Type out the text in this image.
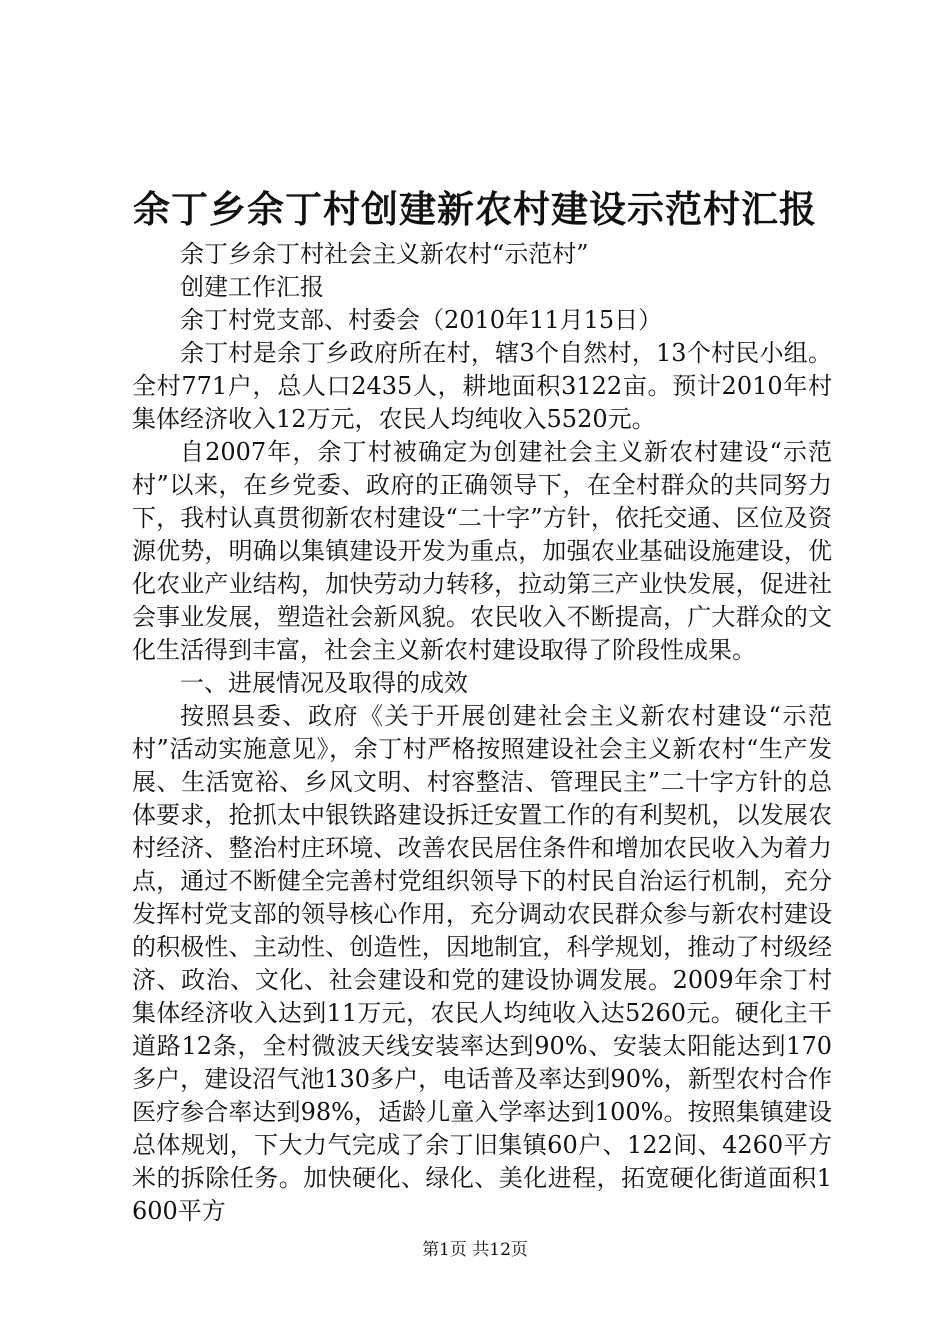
余丁乡余丁村创建新农村建设示范村汇报

余丁乡余丁村社会主义新农村“示范村”

创建工作汇报

余丁村党支部、村委会（2010年11月15日）

余丁村是余丁乡政府所在村，辖3个自然村，13个村民小组。全村771户，总人口2435人，耕地面积3122亩。预计2010年村集体经济收入12万元，农民人均纯收入5520元。

自2007年，余丁村被确定为创建社会主义新农村建设“示范村”以来，在乡党委、政府的正确领导下，在全村群众的共同努力下，我村认真贯彻新农村建设“二十字”方针，依托交通、区位及资源优势，明确以集镇建设开发为重点，加强农业基础设施建设，优化农业产业结构，加快劳动力转移，拉动第三产业快发展，促进社会事业发展，塑造社会新风貌。农民收入不断提高，广大群众的文化生活得到丰富，社会主义新农村建设取得了阶段性成果。

一、进展情况及取得的成效

按照县委、政府《关于开展创建社会主义新农村建设“示范村”活动实施意见》，余丁村严格按照建设社会主义新农村“生产发展、生活宽裕、乡风文明、村容整洁、管理民主”二十字方针的总体要求，抢抓太中银铁路建设拆迁安置工作的有利契机，以发展农村经济、整治村庄环境、改善农民居住条件和增加农民收入为着力点，通过不断健全完善村党组织领导下的村民自治运行机制，充分发挥村党支部的领导核心作用，充分调动农民群众参与新农村建设的积极性、主动性、创造性，因地制宜，科学规划，推动了村级经济、政治、文化、社会建设和党的建设协调发展。2009年余丁村集体经济收入达到11万元，农民人均纯收入达5260元。硬化主干道路12条，全村微波天线安装率达到90%、安装太阳能达到170多户，建设沼气池130多户，电话普及率达到90%，新型农村合作医疗参合率达到98%，适龄儿童入学率达到100%。按照集镇建设总体规划，下大力气完成了余丁旧集镇60户、122间、4260平方米的拆除任务。加快硬化、绿化、美化进程，拓宽硬化街道面积1600平方

第1页 共12页
